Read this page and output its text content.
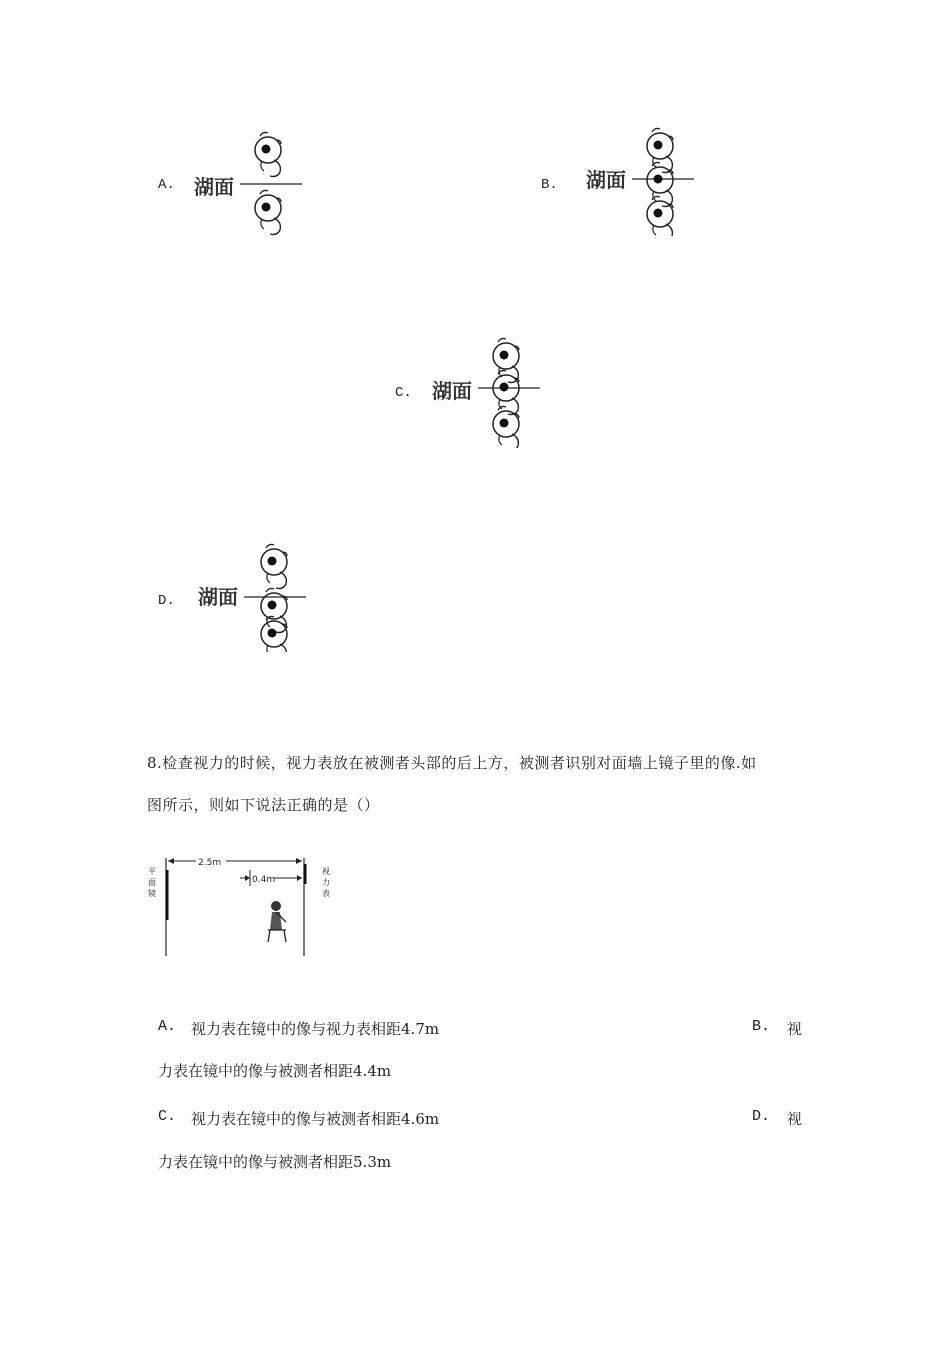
A. 湖面	B. 湖面
C. 湖面
D. 湖面
8.检查视力的时候，视力表放在被测者头部的后上方，被测者识别对面墙上镜子里的像.如
图所示，则如下说法正确的是（）
2.5m
0.4m
平面镜
视力表
A. 视力表在镜中的像与视力表相距4.7m	B. 视
力表在镜中的像与被测者相距4.4m
C. 视力表在镜中的像与被测者相距4.6m	D. 视
力表在镜中的像与被测者相距5.3m
